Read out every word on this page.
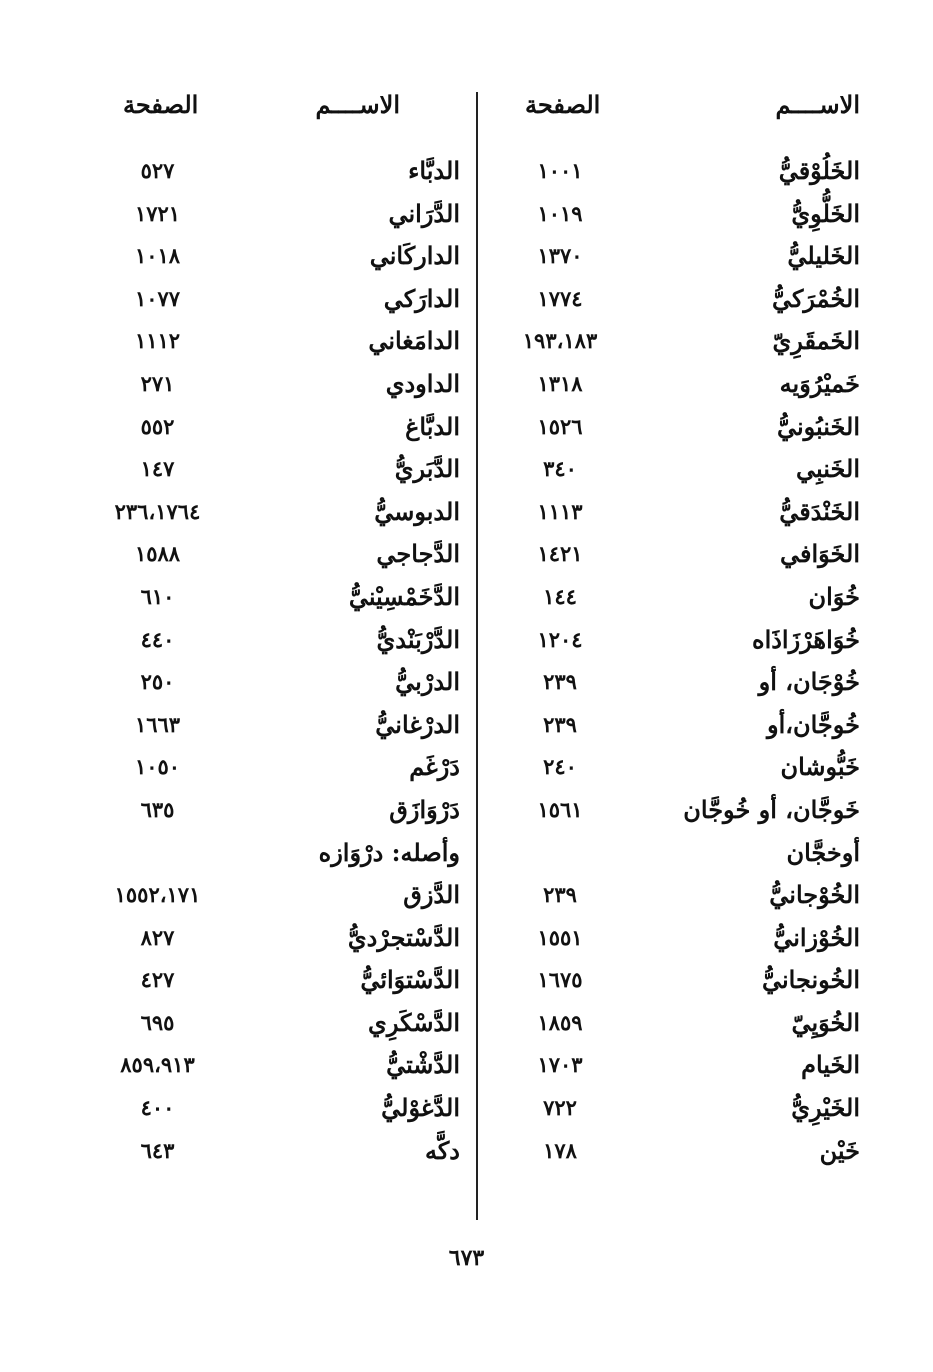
الاســــم
الصفحة
الخَلُوْقيُّ
١٠٠١
الخَلُّوِيُّ
١٠١٩
الخَليليُّ
١٣٧٠
الخُمْرَكيُّ
١٧٧٤
الخَمقَرِيّ
١٩٣،١٨٣
خَميْرُوَيه
١٣١٨
الخَنبُونيُّ
١٥٢٦
الخَنبِي
٣٤٠
الخَنْدَقيُّ
١١١٣
الخَوَافي
١٤٢١
خُوَان
١٤٤
خُوَاهَرْزَاذَاه
١٢٠٤
خُوْجَان، أو
٢٣٩
خُوجَّان،أو
٢٣٩
خَبُّوشان
٢٤٠
خَوجَّان، أو خُوجَّان
١٥٦١
أوخجَّان
الخُوْجانيُّ
٢٣٩
الخُوْزانيُّ
١٥٥١
الخُونجانيُّ
١٦٧٥
الخُوَيِيّ
١٨٥٩
الخَيام
١٧٠٣
الخَيْرِيُّ
٧٢٢
خَيْن
١٧٨
الاســــم
الصفحة
الدبَّاء
٥٢٧
الدَّرَاني
١٧٢١
الداركَاني
١٠١٨
الدارَكي
١٠٧٧
الدامَغاني
١١١٢
الداودي
٢٧١
الدبَّاغ
٥٥٢
الدَّبَريُّ
١٤٧
الدبوسيُّ
٢٣٦،١٧٦٤
الدَّجاجي
١٥٨٨
الدَّخَمْسِيْنيُّ
٦١٠
الدَّرْبَنْديُّ
٤٤٠
الدرْبيُّ
٢٥٠
الدرْغانيُّ
١٦٦٣
دَرْغَم
١٠٥٠
دَرْوَازَق
٦٣٥
وأصله: درْوَازه
الدَّزق
١٥٥٢،١٧١
الدَّسْتجرْديُّ
٨٢٧
الدَّسْتوَائيُّ
٤٢٧
الدَّسْكَرِي
٦٩٥
الدَّشْتيُّ
٨٥٩،٩١٣
الدَّغوْليُّ
٤٠٠
دكَّه
٦٤٣
٦٧٣
